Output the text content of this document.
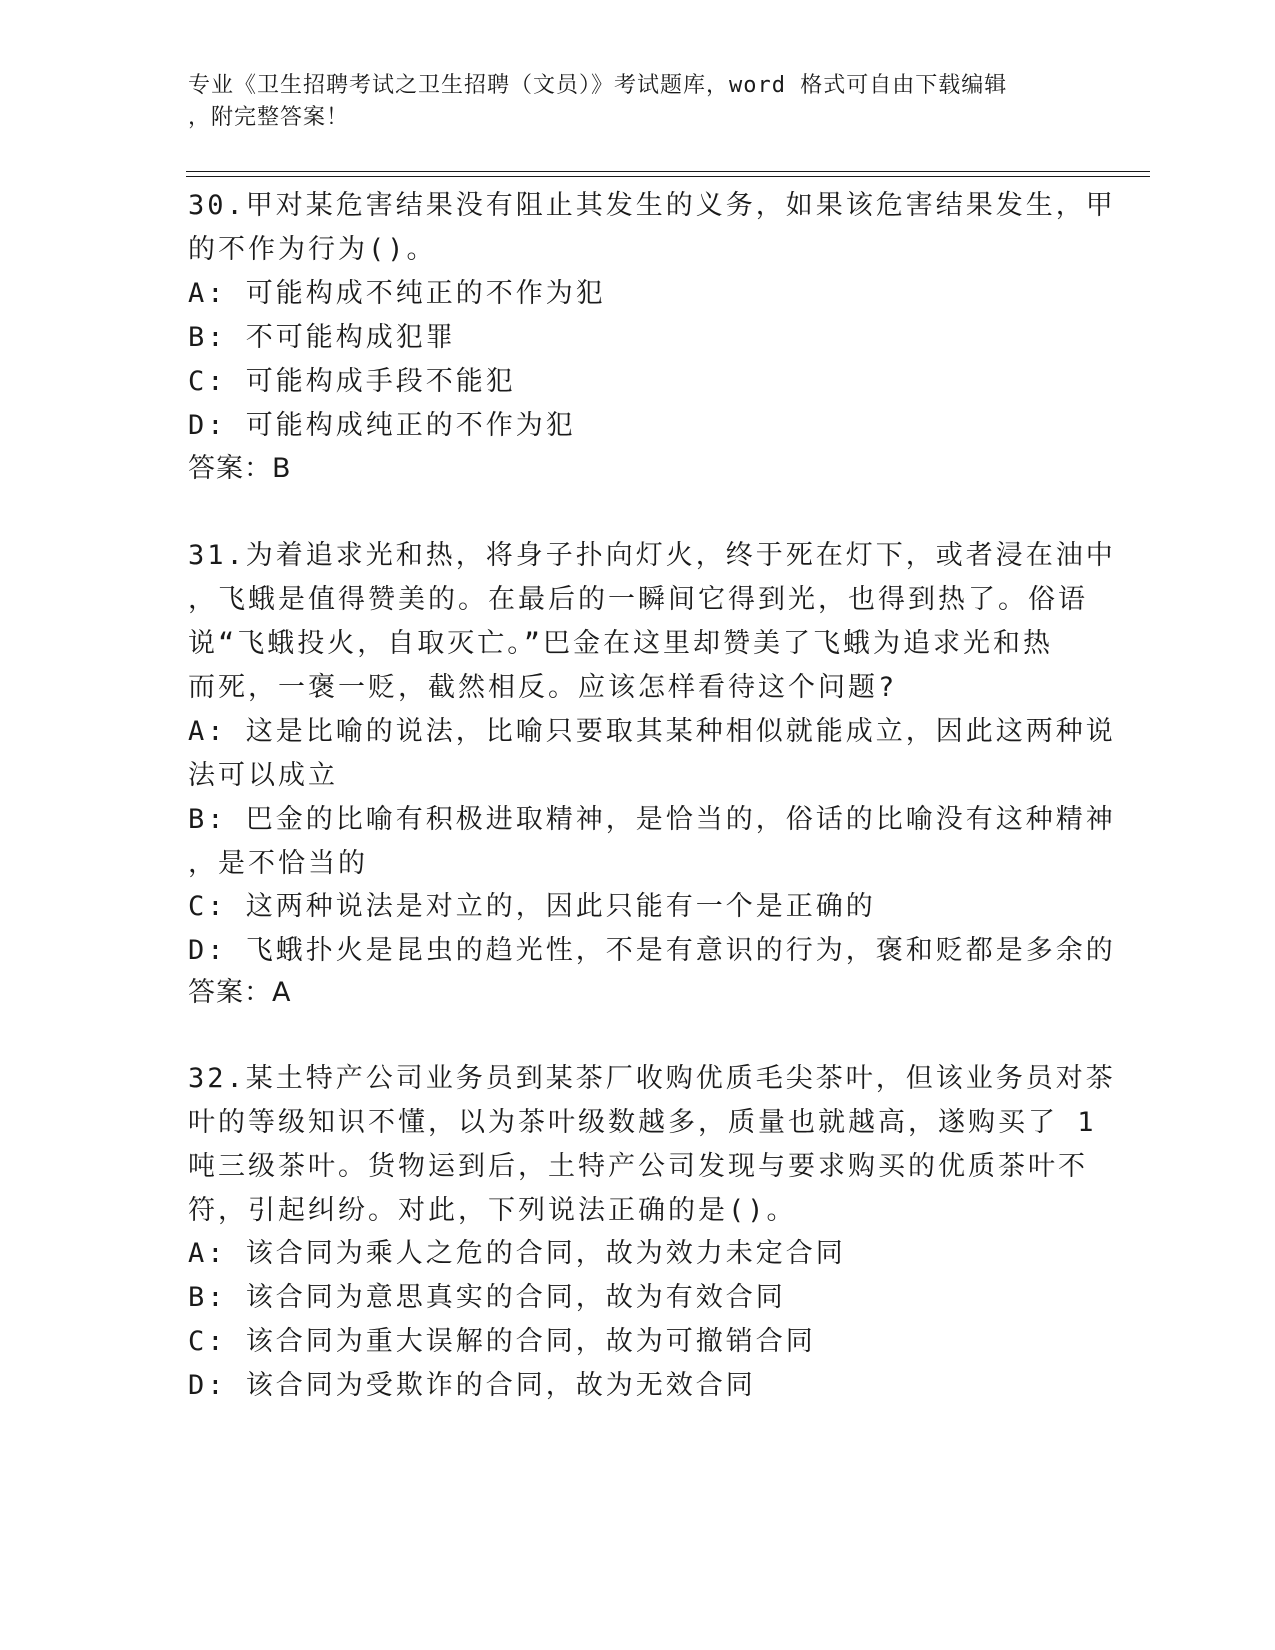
专业《卫生招聘考试之卫生招聘（文员）》考试题库，word 格式可自由下载编辑
，附完整答案！
30.甲对某危害结果没有阻止其发生的义务，如果该危害结果发生，甲
的不作为行为()。
A: 可能构成不纯正的不作为犯
B: 不可能构成犯罪
C: 可能构成手段不能犯
D: 可能构成纯正的不作为犯
答案：B
31.为着追求光和热，将身子扑向灯火，终于死在灯下，或者浸在油中
，飞蛾是值得赞美的。在最后的一瞬间它得到光，也得到热了。俗语
说“飞蛾投火，自取灭亡。”巴金在这里却赞美了飞蛾为追求光和热
而死，一褒一贬，截然相反。应该怎样看待这个问题?
A: 这是比喻的说法，比喻只要取其某种相似就能成立，因此这两种说
法可以成立
B: 巴金的比喻有积极进取精神，是恰当的，俗话的比喻没有这种精神
，是不恰当的
C: 这两种说法是对立的，因此只能有一个是正确的
D: 飞蛾扑火是昆虫的趋光性，不是有意识的行为，褒和贬都是多余的
答案：A
32.某土特产公司业务员到某茶厂收购优质毛尖茶叶，但该业务员对茶
叶的等级知识不懂，以为茶叶级数越多，质量也就越高，遂购买了 1
吨三级茶叶。货物运到后，土特产公司发现与要求购买的优质茶叶不
符，引起纠纷。对此，下列说法正确的是()。
A: 该合同为乘人之危的合同，故为效力未定合同
B: 该合同为意思真实的合同，故为有效合同
C: 该合同为重大误解的合同，故为可撤销合同
D: 该合同为受欺诈的合同，故为无效合同
